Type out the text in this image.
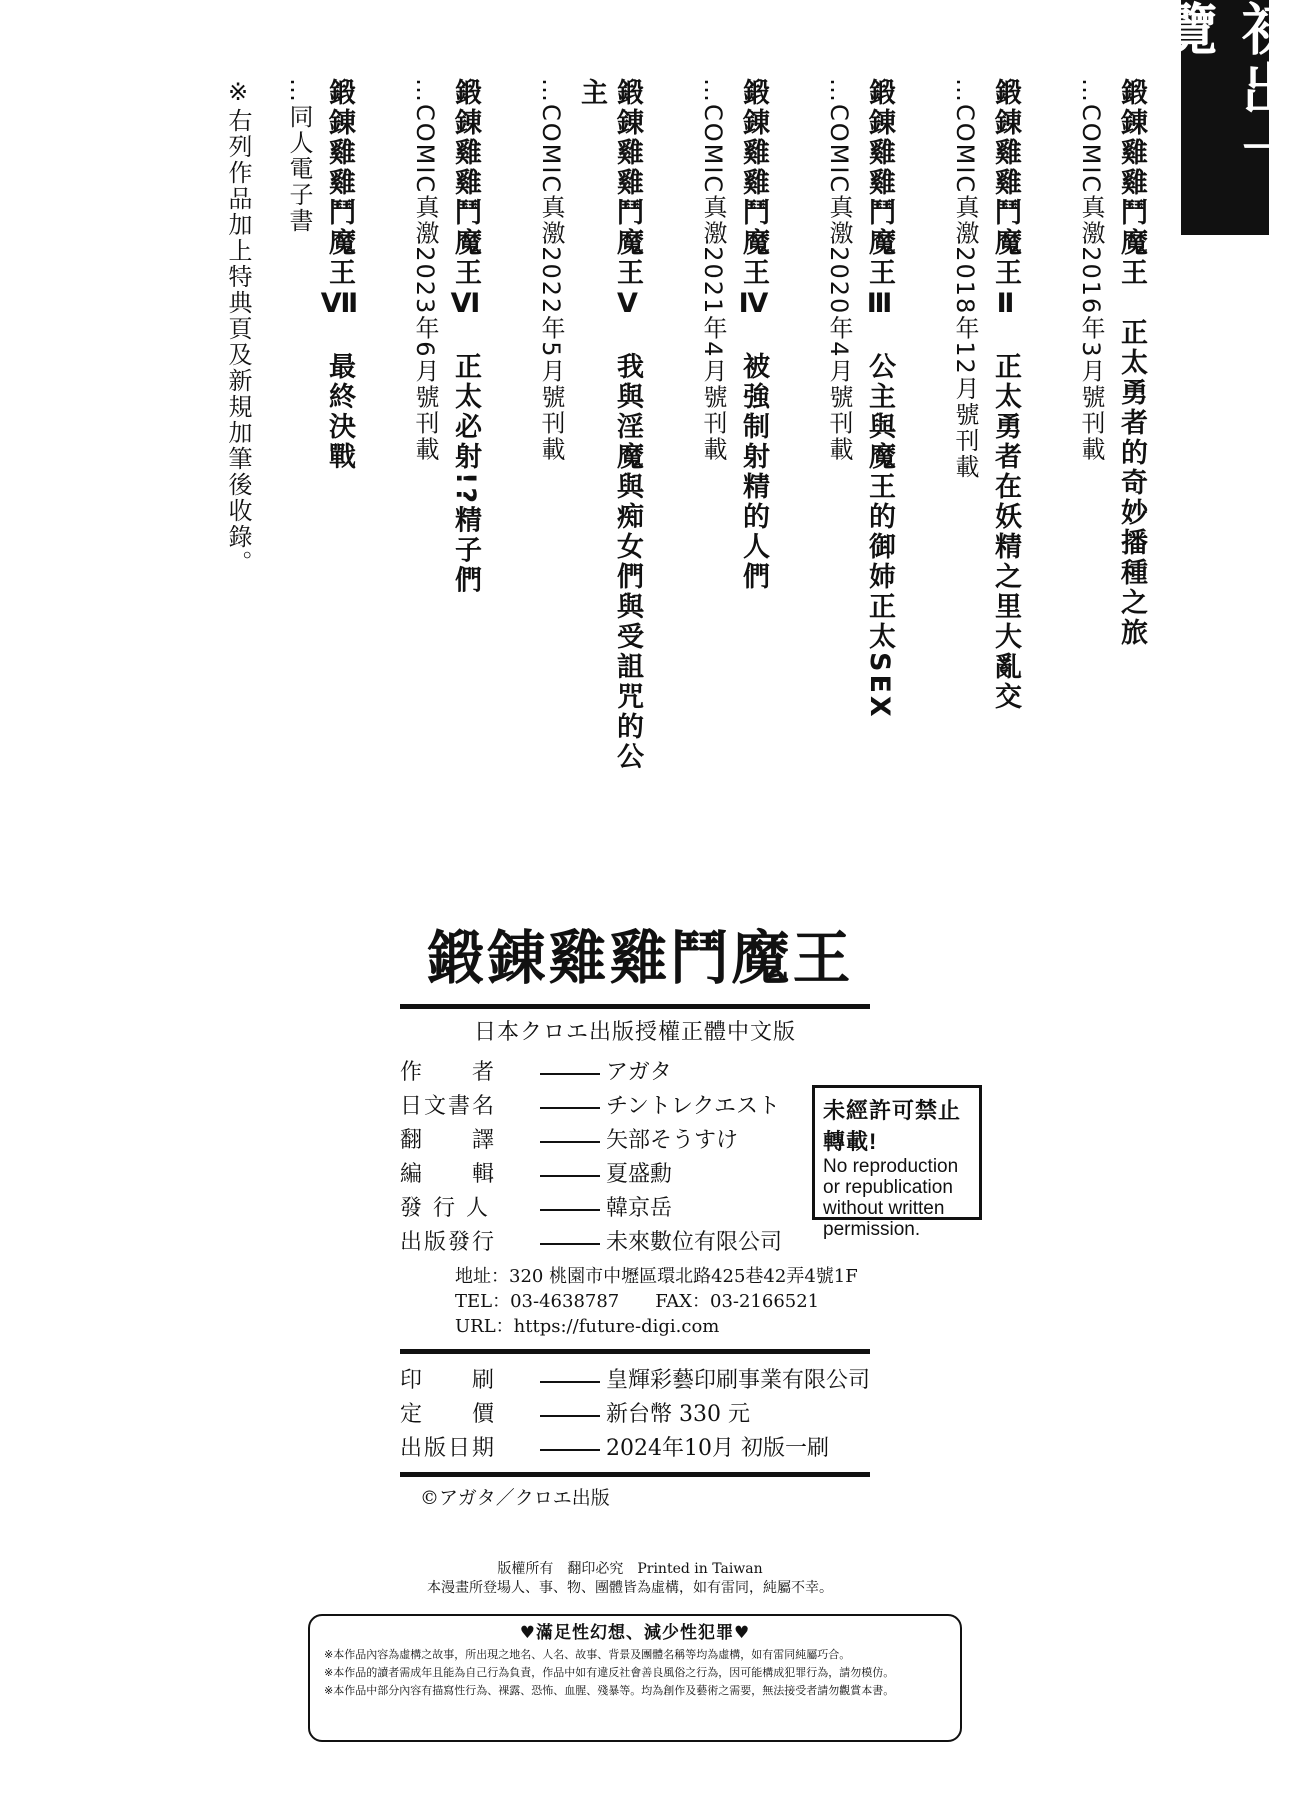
初出一覽
鍛錬雞雞鬥魔王　正太勇者的奇妙播種之旅
…COMIC真激2016年3月號刊載
鍛錬雞雞鬥魔王Ⅱ　正太勇者在妖精之里大亂交
…COMIC真激2018年12月號刊載
鍛錬雞雞鬥魔王Ⅲ　公主與魔王的御姉正太SEX
…COMIC真激2020年4月號刊載
鍛錬雞雞鬥魔王Ⅳ　被強制射精的人們
…COMIC真激2021年4月號刊載
鍛錬雞雞鬥魔王Ⅴ　我與淫魔與痴女們與受詛咒的公主
…COMIC真激2022年5月號刊載
鍛錬雞雞鬥魔王Ⅵ　正太必射!?精子們
…COMIC真激2023年6月號刊載
鍛錬雞雞鬥魔王Ⅶ　最終決戰
…同人電子書
※右列作品加上特典頁及新規加筆後收錄。
鍛錬雞雞鬥魔王
日本クロエ出版授權正體中文版
作　　者	アガタ
日文書名	チントレクエスト
翻　　譯	矢部そうすけ
編　　輯	夏盛勳
發 行 人	韓京岳
出版發行	未來數位有限公司
地址：320 桃園市中壢區環北路425巷42弄4號1F
TEL：03-4638787 FAX：03-2166521
URL：https://future-digi.com
印　　刷	皇輝彩藝印刷事業有限公司
定　　價	新台幣 330 元
出版日期	2024年10月 初版一刷
©アガタ／クロエ出版
未經許可禁止轉載!
No reproduction or republication without written permission.
版權所有　翻印必究　Printed in Taiwan
本漫畫所登場人、事、物、團體皆為虛構，如有雷同，純屬不幸。
♥滿足性幻想、減少性犯罪♥
※本作品內容為虛構之故事，所出現之地名、人名、故事、背景及團體名稱等均為虛構，如有雷同純屬巧合。
※本作品的讀者需成年且能為自己行為負責，作品中如有違反社會善良風俗之行為，因可能構成犯罪行為，請勿模仿。
※本作品中部分內容有描寫性行為、裸露、恐怖、血腥、殘暴等。均為創作及藝術之需要，無法接受者請勿觀賞本書。
